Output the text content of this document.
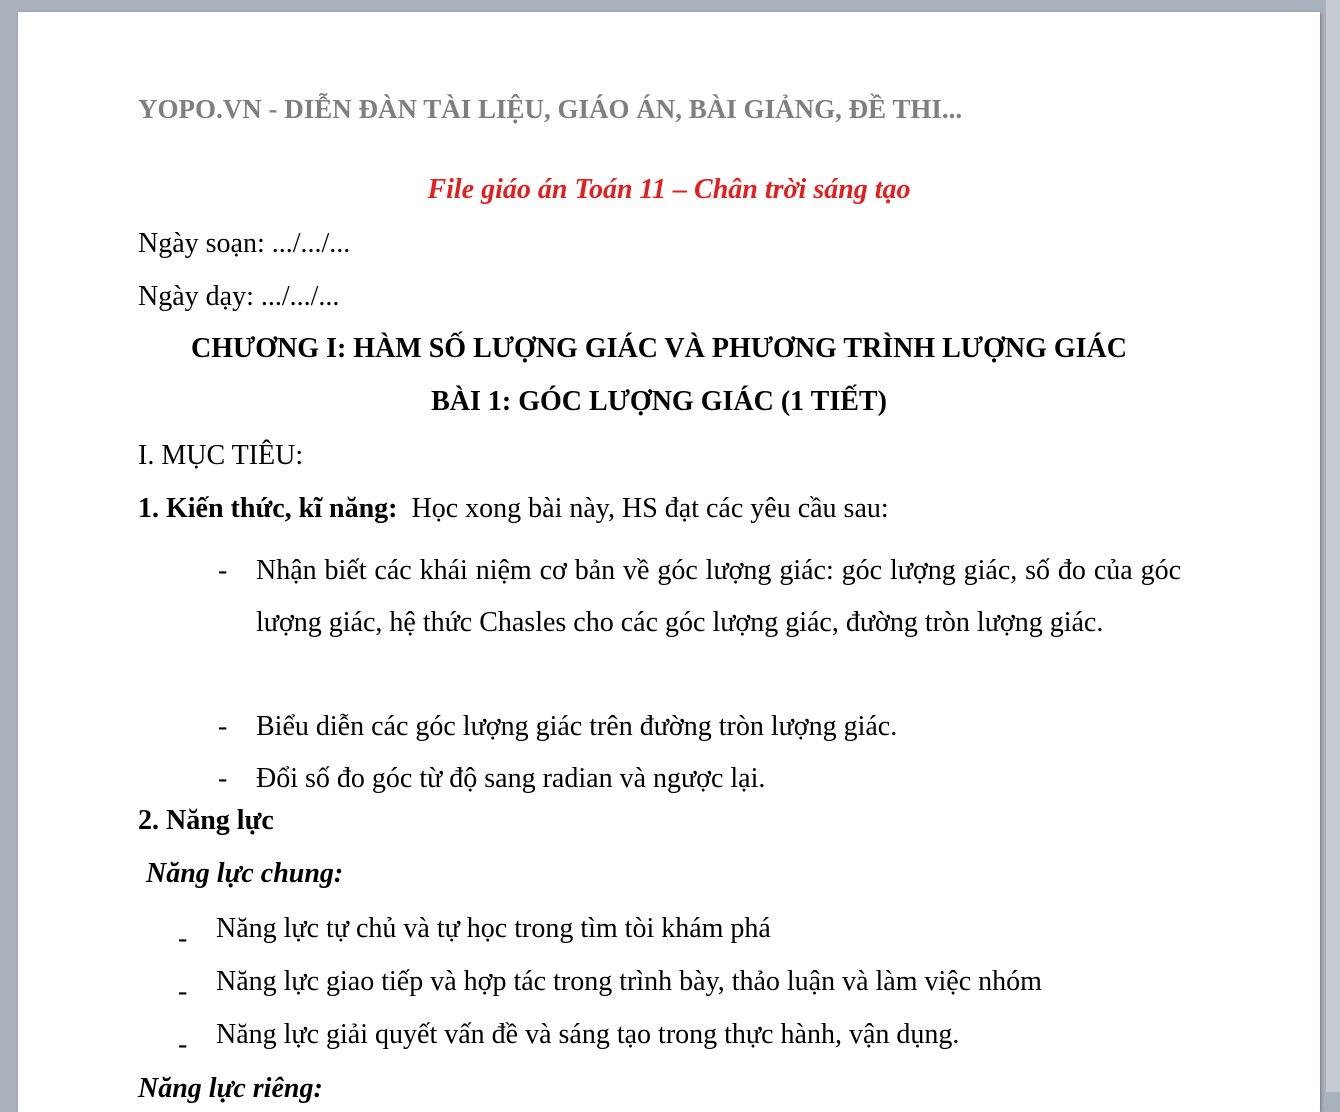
YOPO.VN - DIỄN ĐÀN TÀI LIỆU, GIÁO ÁN, BÀI GIẢNG, ĐỀ THI...
File giáo án Toán 11 – Chân trời sáng tạo
Ngày soạn: .../.../...
Ngày dạy: .../.../...
CHƯƠNG I: HÀM SỐ LƯỢNG GIÁC VÀ PHƯƠNG TRÌNH LƯỢNG GIÁC
BÀI 1: GÓC LƯỢNG GIÁC (1 TIẾT)
I. MỤC TIÊU:
1. Kiến thức, kĩ năng: Học xong bài này, HS đạt các yêu cầu sau:
- Nhận biết các khái niệm cơ bản về góc lượng giác: góc lượng giác, số đo của góc lượng giác, hệ thức Chasles cho các góc lượng giác, đường tròn lượng giác.
- Biểu diễn các góc lượng giác trên đường tròn lượng giác.
- Đổi số đo góc từ độ sang radian và ngược lại.
2. Năng lực
Năng lực chung:
- Năng lực tự chủ và tự học trong tìm tòi khám phá
- Năng lực giao tiếp và hợp tác trong trình bày, thảo luận và làm việc nhóm
- Năng lực giải quyết vấn đề và sáng tạo trong thực hành, vận dụng.
Năng lực riêng:
